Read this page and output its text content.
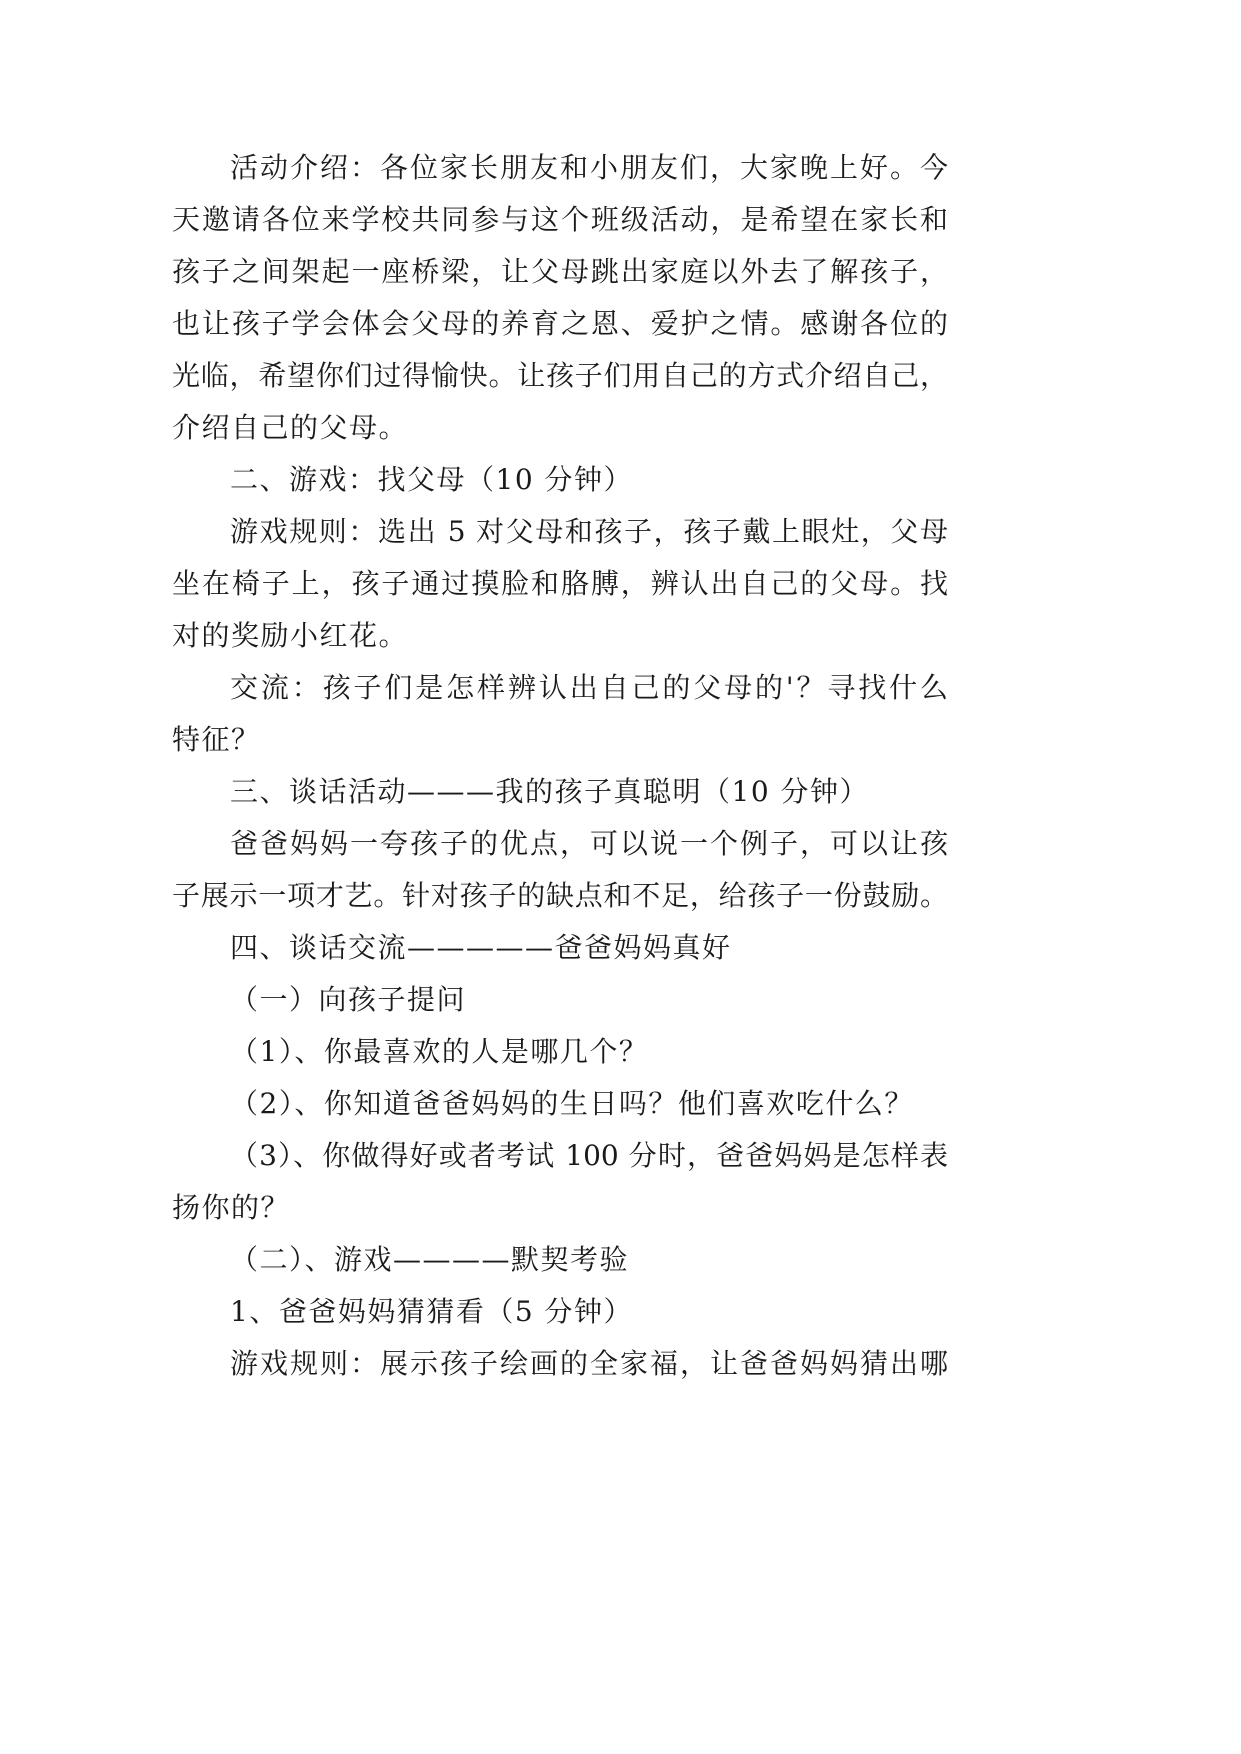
活动介绍：各位家长朋友和小朋友们，大家晚上好。今
天邀请各位来学校共同参与这个班级活动，是希望在家长和
孩子之间架起一座桥梁，让父母跳出家庭以外去了解孩子，
也让孩子学会体会父母的养育之恩、爱护之情。感谢各位的
光临，希望你们过得愉快。让孩子们用自己的方式介绍自己，
介绍自己的父母。
二、游戏：找父母（10 分钟）
游戏规则：选出 5 对父母和孩子，孩子戴上眼灶，父母
坐在椅子上，孩子通过摸脸和胳膊，辨认出自己的父母。找
对的奖励小红花。
交流：孩子们是怎样辨认出自己的父母的'？寻找什么
特征？
三、谈话活动———我的孩子真聪明（10 分钟）
爸爸妈妈一夸孩子的优点，可以说一个例子，可以让孩
子展示一项才艺。针对孩子的缺点和不足，给孩子一份鼓励。
四、谈话交流—————爸爸妈妈真好
（一）向孩子提问
（1）、你最喜欢的人是哪几个？
（2）、你知道爸爸妈妈的生日吗？他们喜欢吃什么？
（3）、你做得好或者考试 100 分时，爸爸妈妈是怎样表
扬你的？
（二）、游戏————默契考验
1、爸爸妈妈猜猜看（5 分钟）
游戏规则：展示孩子绘画的全家福，让爸爸妈妈猜出哪
